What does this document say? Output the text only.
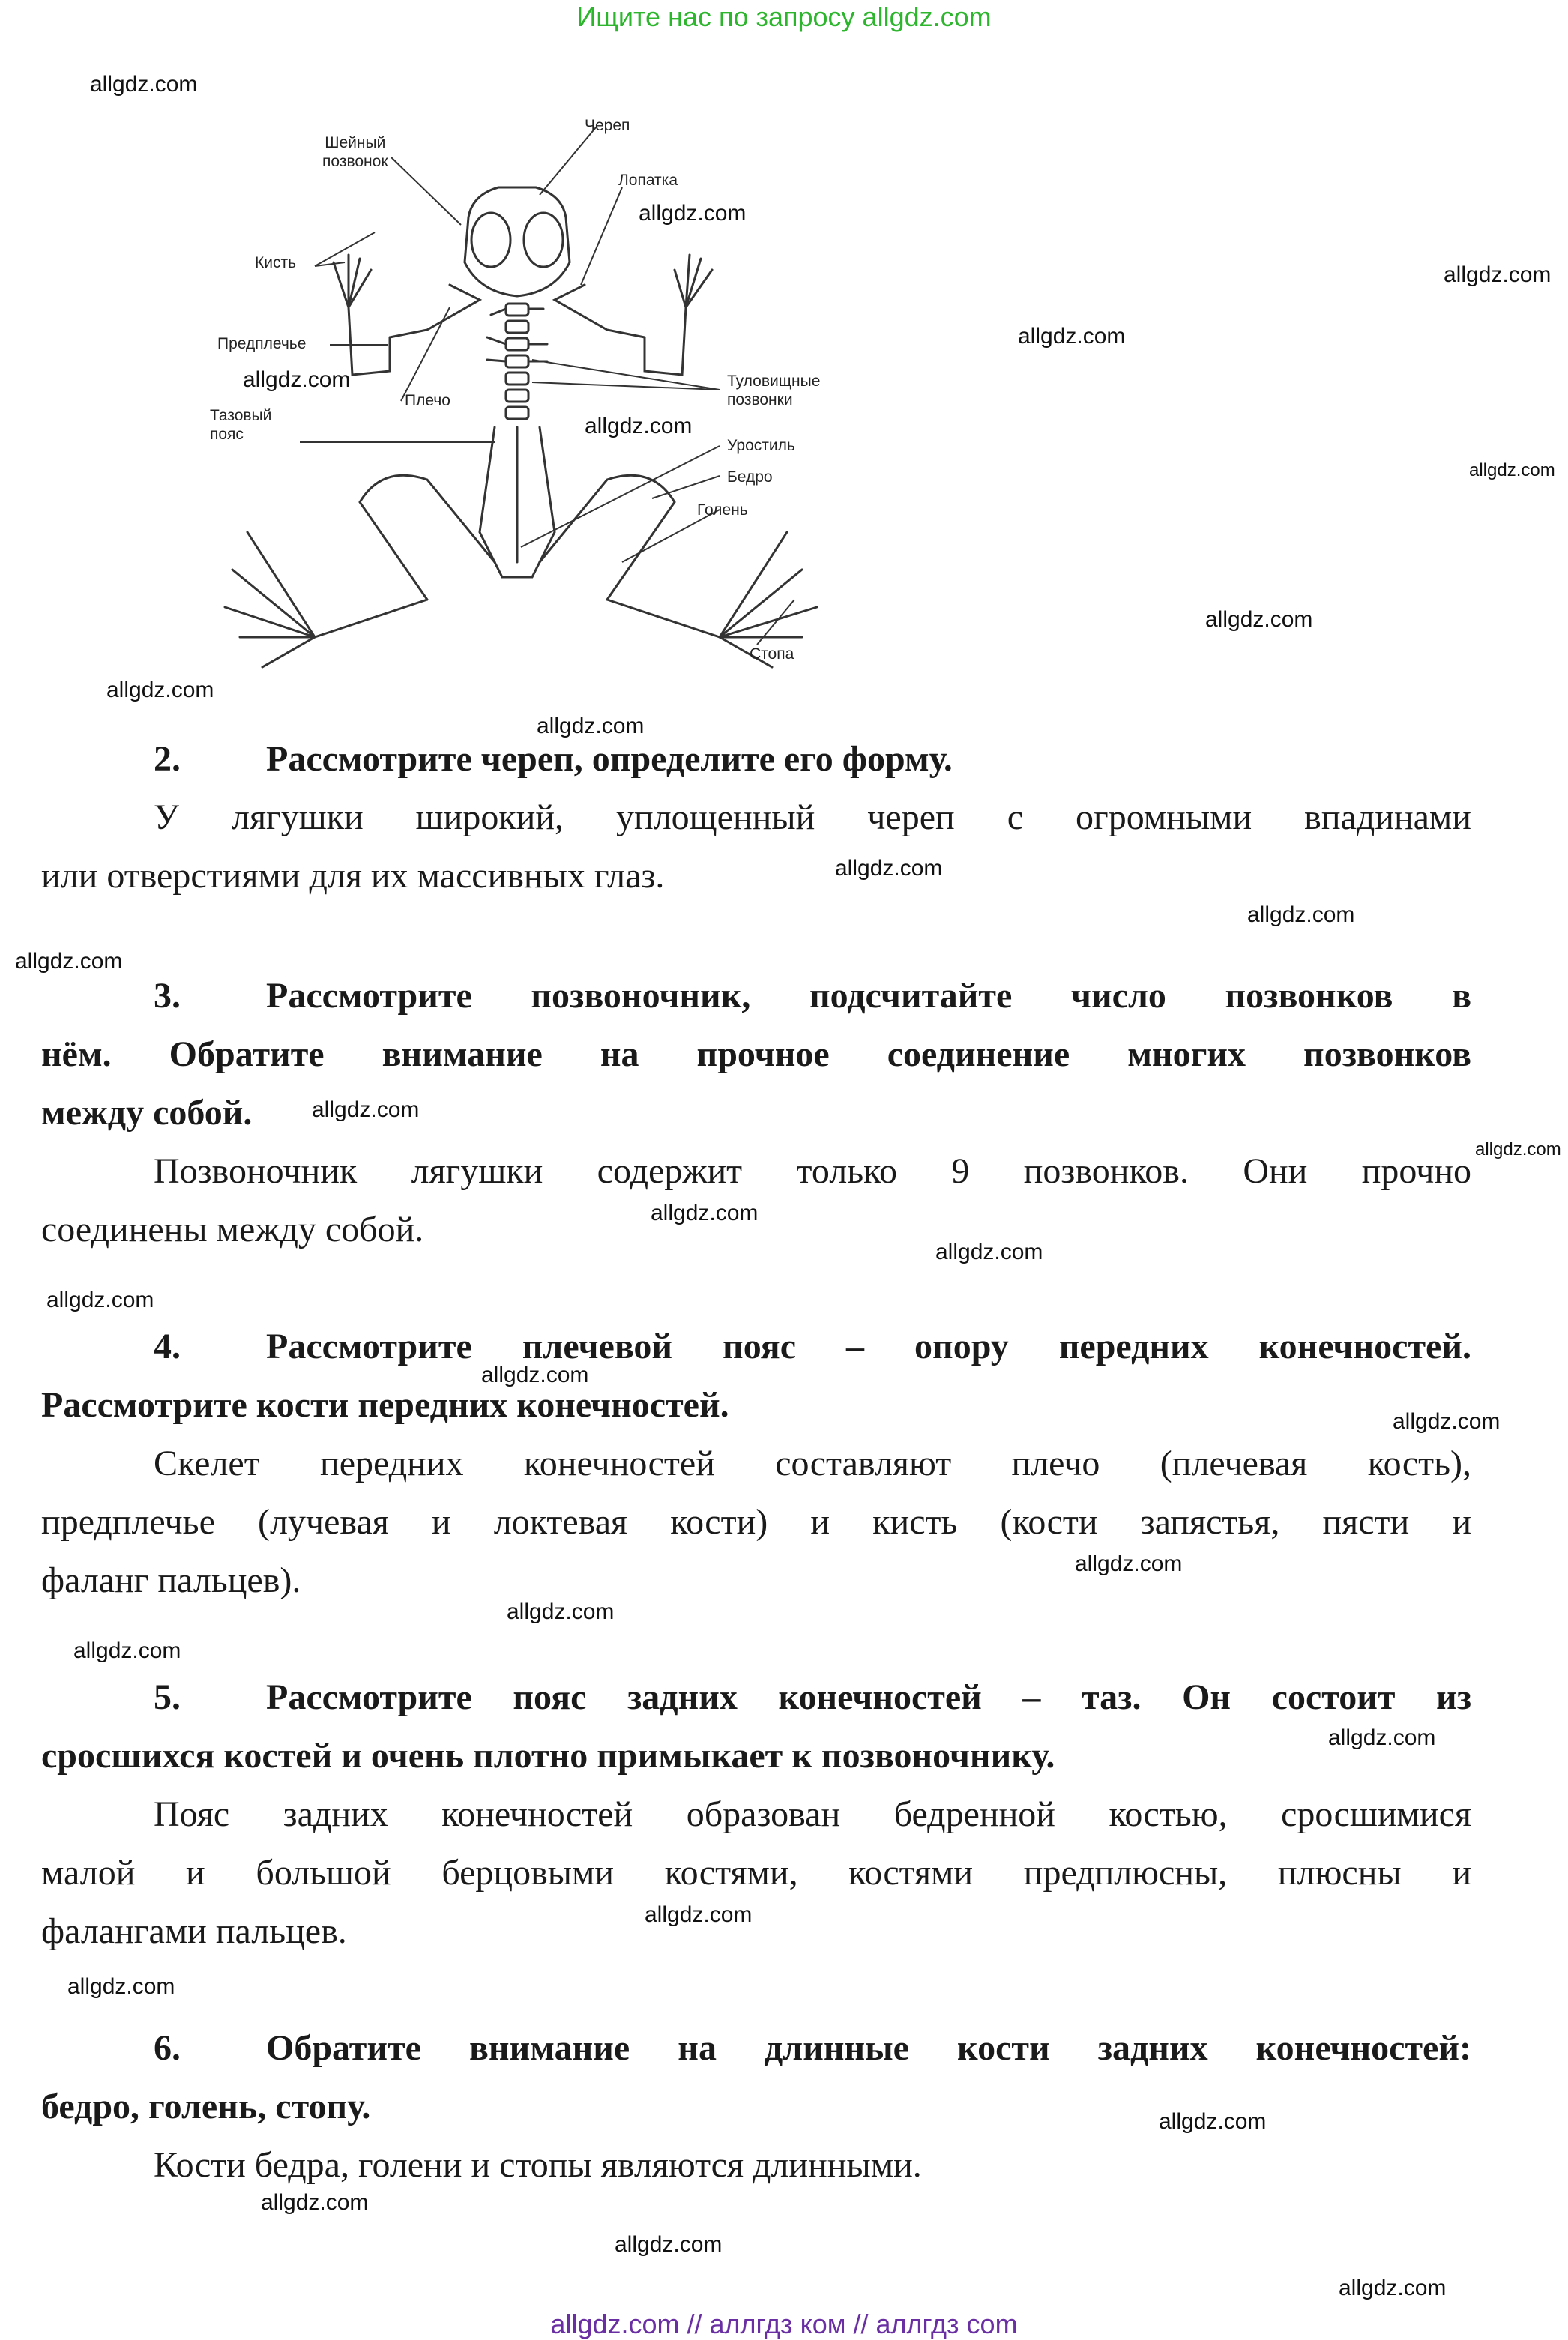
Ищите нас по запросу allgdz.com
Шейный
позвонок
Череп
Лопатка
Кисть
Предплечье
Плечо
Туловищные
позвонки
Тазовый
пояс
Уростиль
Бедро
Голень
Стопа
2. Рассмотрите череп, определите его форму.
У лягушки широкий, уплощенный череп с огромными впадинами
или отверстиями для их массивных глаз.
3. Рассмотрите позвоночник, подсчитайте число позвонков в
нём. Обратите внимание на прочное соединение многих позвонков
между собой.
Позвоночник лягушки содержит только 9 позвонков. Они прочно
соединены между собой.
4. Рассмотрите плечевой пояс – опору передних конечностей.
Рассмотрите кости передних конечностей.
Скелет передних конечностей составляют плечо (плечевая кость),
предплечье (лучевая и локтевая кости) и кисть (кости запястья, пясти и
фаланг пальцев).
5. Рассмотрите пояс задних конечностей – таз. Он состоит из
сросшихся костей и очень плотно примыкает к позвоночнику.
Пояс задних конечностей образован бедренной костью, сросшимися
малой и большой берцовыми костями, костями предплюсны, плюсны и
фалангами пальцев.
6. Обратите внимание на длинные кости задних конечностей:
бедро, голень, стопу.
Кости бедра, голени и стопы являются длинными.
allgdz.com
allgdz.com
allgdz.com
allgdz.com
allgdz.com
allgdz.com
allgdz.com
allgdz.com
allgdz.com
allgdz.com
allgdz.com
allgdz.com
allgdz.com
allgdz.com
allgdz.com
allgdz.com
allgdz.com
allgdz.com
allgdz.com
allgdz.com
allgdz.com
allgdz.com
allgdz.com
allgdz.com
allgdz.com
allgdz.com
allgdz.com
allgdz.com
allgdz.com
allgdz.com
allgdz.com // аллгдз ком // аллгдз com
